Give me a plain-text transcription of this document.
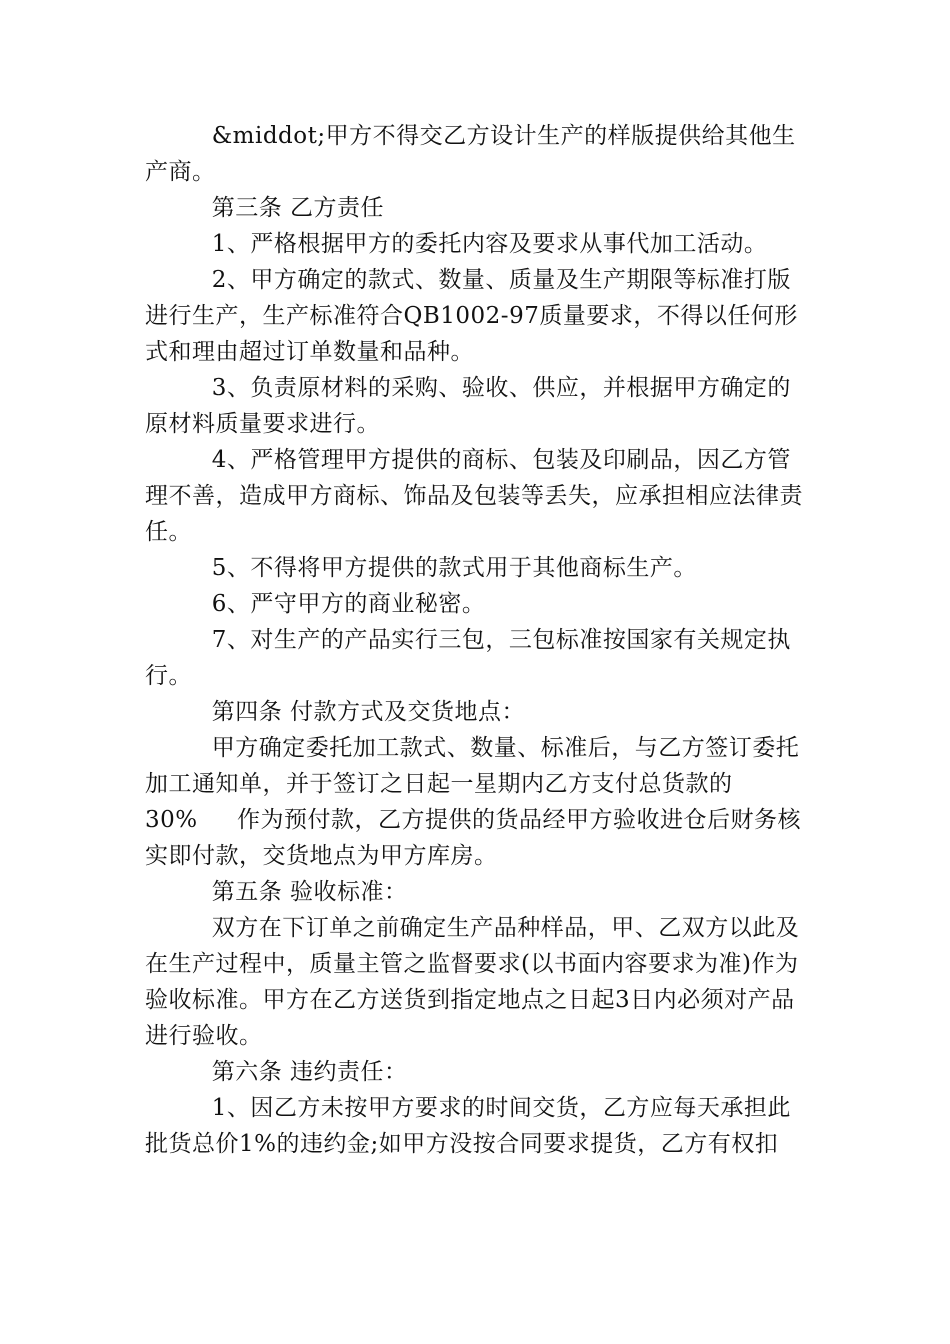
&middot;甲方不得交乙方设计生产的样版提供给其他生产商。

第三条 乙方责任

1、严格根据甲方的委托内容及要求从事代加工活动。

2、甲方确定的款式、数量、质量及生产期限等标准打版进行生产，生产标准符合QB1002-97质量要求，不得以任何形式和理由超过订单数量和品种。

3、负责原材料的采购、验收、供应，并根据甲方确定的原材料质量要求进行。

4、严格管理甲方提供的商标、包装及印刷品，因乙方管理不善，造成甲方商标、饰品及包装等丢失，应承担相应法律责任。

5、不得将甲方提供的款式用于其他商标生产。

6、严守甲方的商业秘密。

7、对生产的产品实行三包，三包标准按国家有关规定执行。

第四条 付款方式及交货地点：

甲方确定委托加工款式、数量、标准后，与乙方签订委托加工通知单，并于签订之日起一星期内乙方支付总货款的
30% 作为预付款，乙方提供的货品经甲方验收进仓后财务核实即付款，交货地点为甲方库房。

第五条 验收标准：

双方在下订单之前确定生产品种样品，甲、乙双方以此及在生产过程中，质量主管之监督要求(以书面内容要求为准)作为验收标准。甲方在乙方送货到指定地点之日起3日内必须对产品进行验收。

第六条 违约责任：

1、因乙方未按甲方要求的时间交货，乙方应每天承担此批货总价1%的违约金;如甲方没按合同要求提货，乙方有权扣
